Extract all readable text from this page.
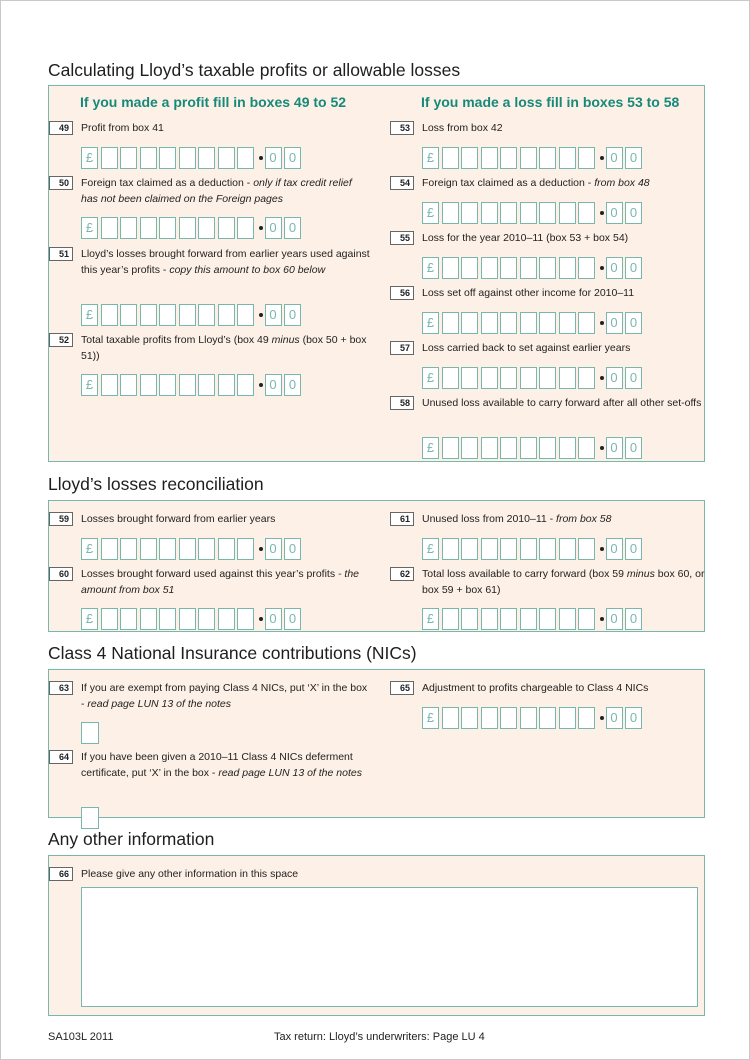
Calculating Lloyd’s taxable profits or allowable losses
If you made a profit fill in boxes 49 to 52	If you made a loss fill in boxes 53 to 58
49	Profit from box 41
£	0 0
50	Foreign tax claimed as a deduction - only if tax credit relief has not been claimed on the Foreign pages
£	0 0
51	Lloyd’s losses brought forward from earlier years used against this year’s profits - copy this amount to box 60 below
£	0 0
52	Total taxable profits from Lloyd’s (box 49 minus (box 50 + box 51))
£	0 0
53	Loss from box 42
£	0 0
54	Foreign tax claimed as a deduction - from box 48
£	0 0
55	Loss for the year 2010–11 (box 53 + box 54)
£	0 0
56	Loss set off against other income for 2010–11
£	0 0
57	Loss carried back to set against earlier years
£	0 0
58	Unused loss available to carry forward after all other set-offs
£	0 0
Lloyd’s losses reconciliation
59	Losses brought forward from earlier years
£	0 0
60	Losses brought forward used against this year’s profits - the amount from box 51
£	0 0
61	Unused loss from 2010–11 - from box 58
£	0 0
62	Total loss available to carry forward (box 59 minus box 60, or box 59 + box 61)
£	0 0
Class 4 National Insurance contributions (NICs)
63	If you are exempt from paying Class 4 NICs, put ‘X’ in the box - read page LUN 13 of the notes
64	If you have been given a 2010–11 Class 4 NICs deferment certificate, put ‘X’ in the box - read page LUN 13 of the notes
65	Adjustment to profits chargeable to Class 4 NICs
£	0 0
Any other information
66	Please give any other information in this space
SA103L 2011	Tax return: Lloyd’s underwriters: Page LU 4
